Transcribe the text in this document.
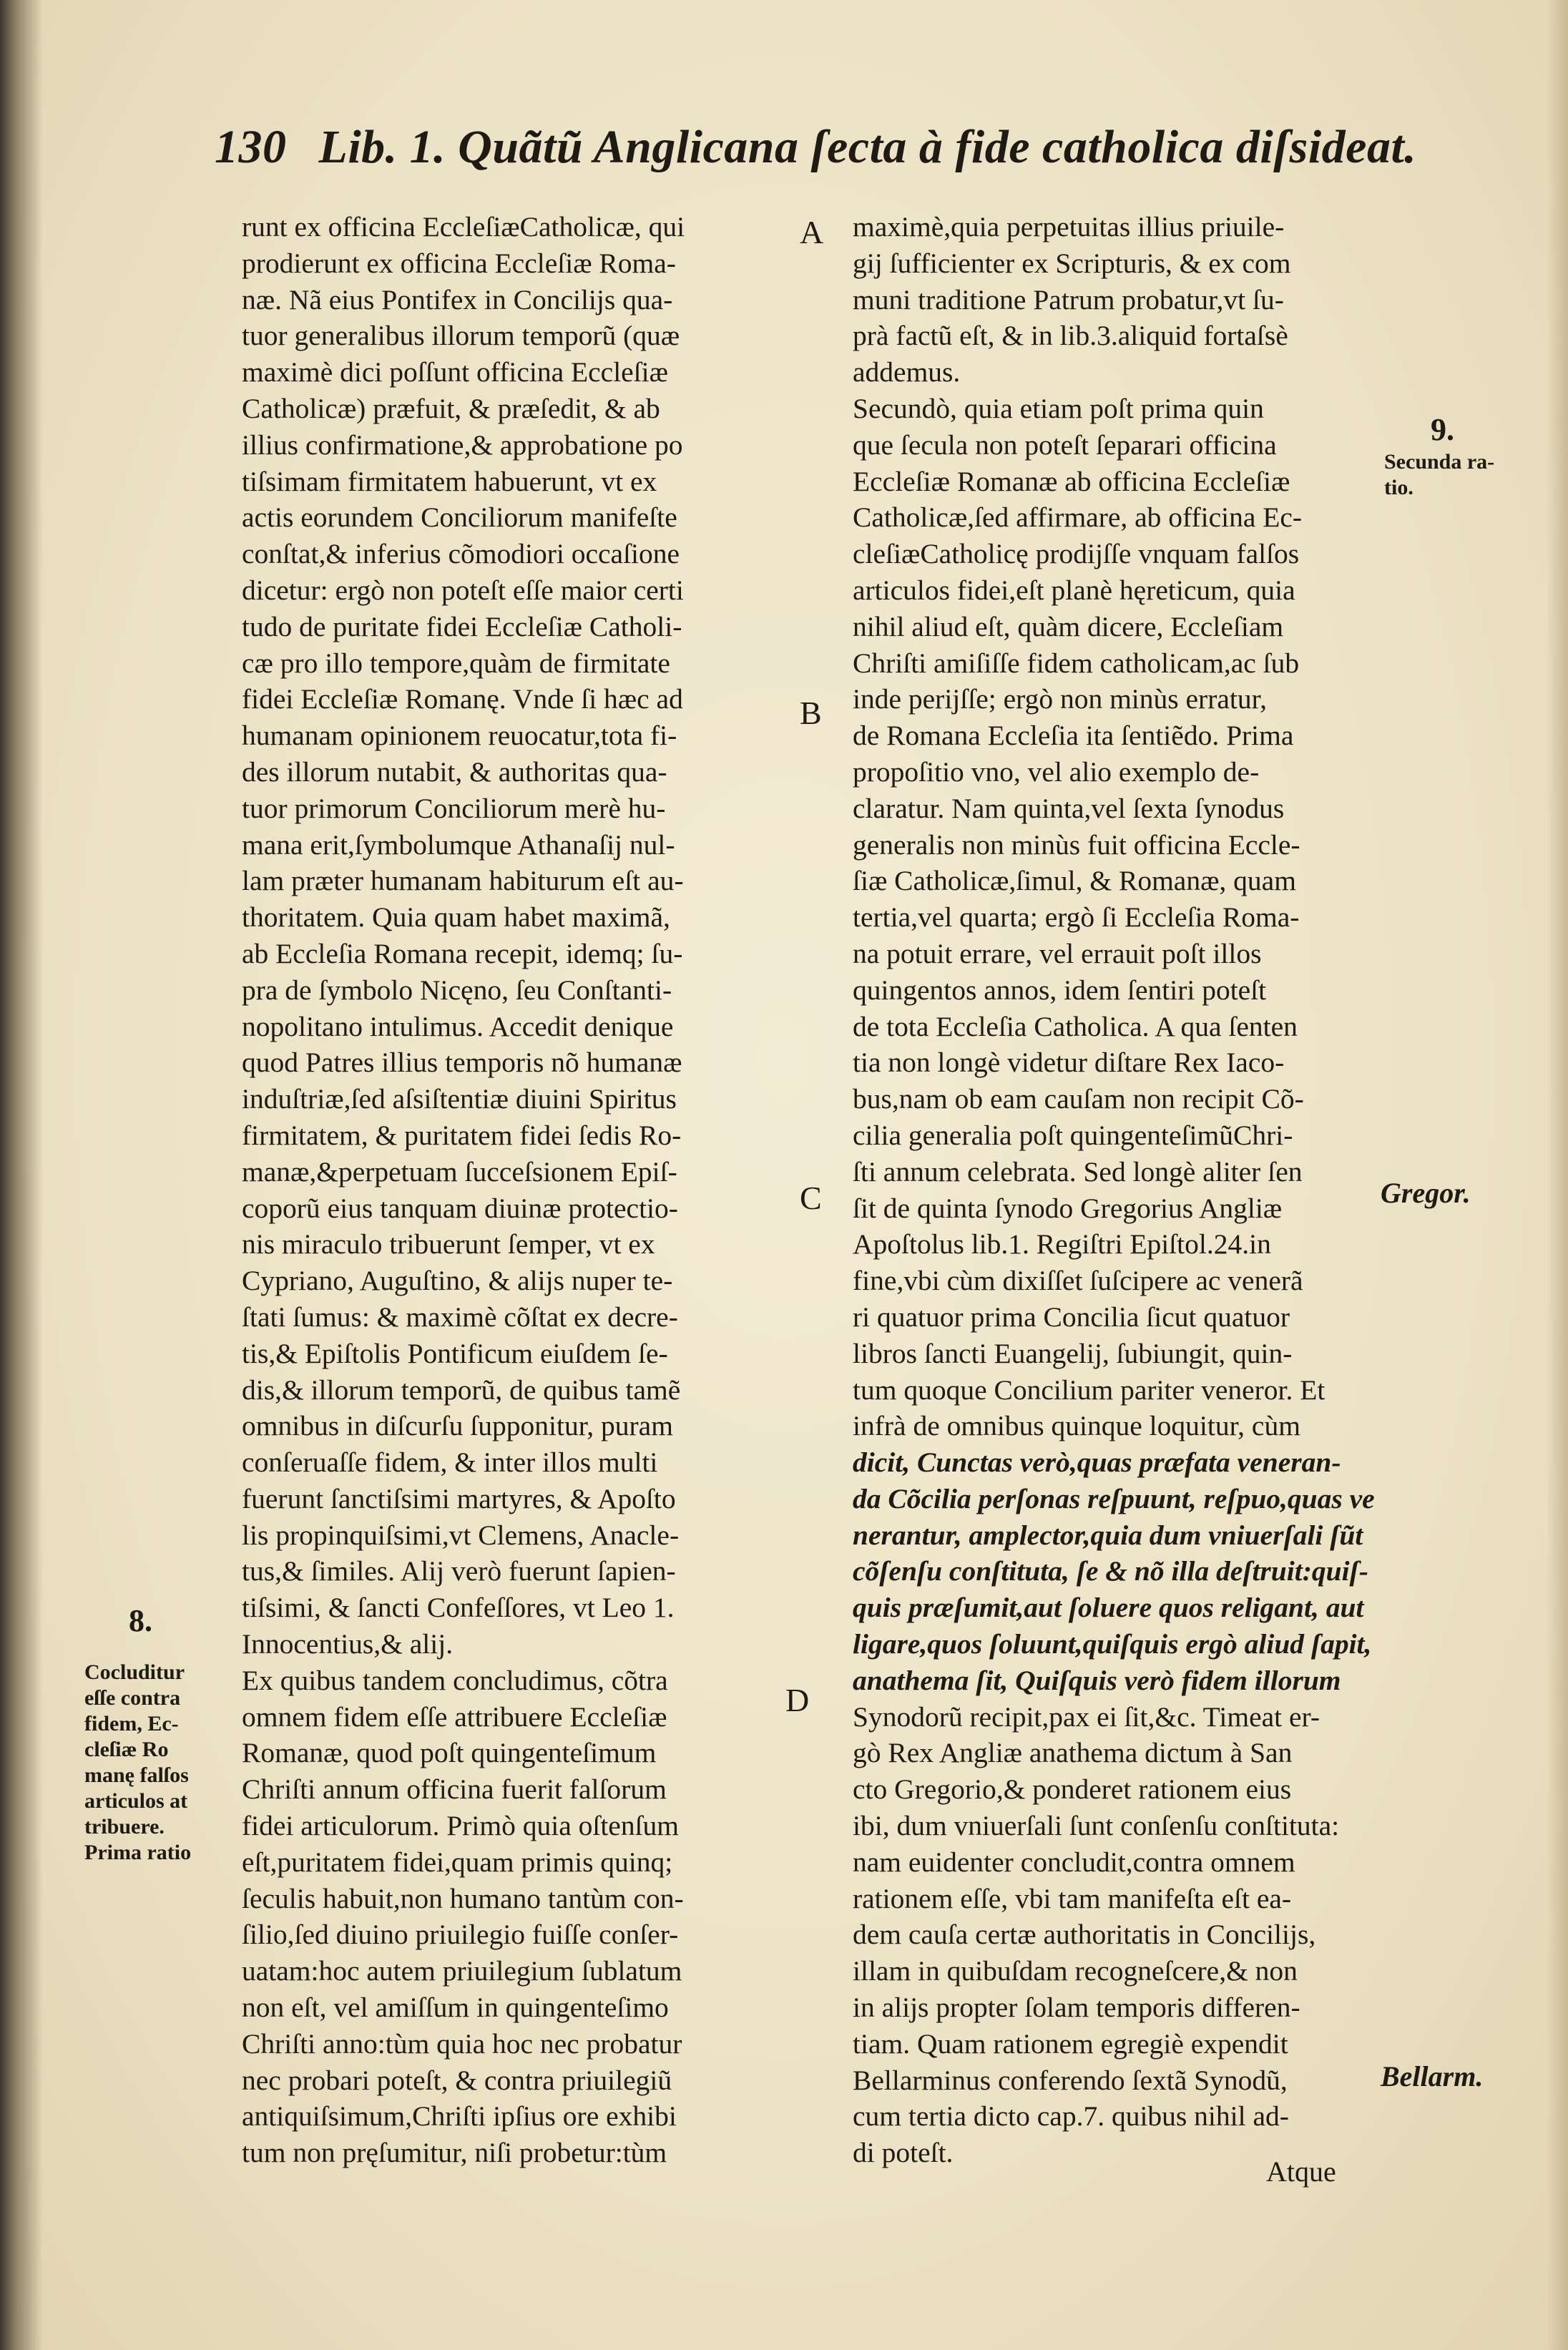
130 Lib. 1. Quãtũ Anglicana ſecta à fide catholica diſsideat.
runt ex officina EccleſiæCatholicæ, qui
prodierunt ex officina Eccleſiæ Roma-
næ. Nã eius Pontifex in Concilijs qua-
tuor generalibus illorum temporũ (quæ
maximè dici poſſunt officina Eccleſiæ
Catholicæ) præfuit, & præſedit, & ab
illius confirmatione,& approbatione po
tiſsimam firmitatem habuerunt, vt ex
actis eorundem Conciliorum manifeſte
conſtat,& inferius cõmodiori occaſione
dicetur: ergò non poteſt eſſe maior certi
tudo de puritate fidei Eccleſiæ Catholi-
cæ pro illo tempore,quàm de firmitate
fidei Eccleſiæ Romanę. Vnde ſi hæc ad
humanam opinionem reuocatur,tota fi-
des illorum nutabit, & authoritas qua-
tuor primorum Conciliorum merè hu-
mana erit,ſymbolumque Athanaſij nul-
lam præter humanam habiturum eſt au-
thoritatem. Quia quam habet maximã,
ab Eccleſia Romana recepit, idemq; ſu-
pra de ſymbolo Nicęno, ſeu Conſtanti-
nopolitano intulimus. Accedit denique
quod Patres illius temporis nõ humanæ
induſtriæ,ſed aſsiſtentiæ diuini Spiritus
firmitatem, & puritatem fidei ſedis Ro-
manæ,&perpetuam ſucceſsionem Epiſ-
coporũ eius tanquam diuinæ protectio-
nis miraculo tribuerunt ſemper, vt ex
Cypriano, Auguſtino, & alijs nuper te-
ſtati ſumus: & maximè cõſtat ex decre-
tis,& Epiſtolis Pontificum eiuſdem ſe-
dis,& illorum temporũ, de quibus tamẽ
omnibus in diſcurſu ſupponitur, puram
conſeruaſſe fidem, & inter illos multi
fuerunt ſanctiſsimi martyres, & Apoſto
lis propinquiſsimi,vt Clemens, Anacle-
tus,& ſimiles. Alij verò fuerunt ſapien-
tiſsimi, & ſancti Confeſſores, vt Leo 1.
Innocentius,& alij.
Ex quibus tandem concludimus, cõtra
omnem fidem eſſe attribuere Eccleſiæ
Romanæ, quod poſt quingenteſimum
Chriſti annum officina fuerit falſorum
fidei articulorum. Primò quia oſtenſum
eſt,puritatem fidei,quam primis quinq;
ſeculis habuit,non humano tantùm con-
ſilio,ſed diuino priuilegio fuiſſe conſer-
uatam:hoc autem priuilegium ſublatum
non eſt, vel amiſſum in quingenteſimo
Chriſti anno:tùm quia hoc nec probatur
nec probari poteſt, & contra priuilegiũ
antiquiſsimum,Chriſti ipſius ore exhibi
tum non pręſumitur, niſi probetur:tùm
maximè,quia perpetuitas illius priuile-
gij ſufficienter ex Scripturis, & ex com
muni traditione Patrum probatur,vt ſu-
prà factũ eſt, & in lib.3.aliquid fortaſsè
addemus.
Secundò, quia etiam poſt prima quin
que ſecula non poteſt ſeparari officina
Eccleſiæ Romanæ ab officina Eccleſiæ
Catholicæ,ſed affirmare, ab officina Ec-
cleſiæCatholicę prodijſſe vnquam falſos
articulos fidei,eſt planè hęreticum, quia
nihil aliud eſt, quàm dicere, Eccleſiam
Chriſti amiſiſſe fidem catholicam,ac ſub
inde perijſſe; ergò non minùs erratur,
de Romana Eccleſia ita ſentiẽdo. Prima
propoſitio vno, vel alio exemplo de-
claratur. Nam quinta,vel ſexta ſynodus
generalis non minùs fuit officina Eccle-
ſiæ Catholicæ,ſimul, & Romanæ, quam
tertia,vel quarta; ergò ſi Eccleſia Roma-
na potuit errare, vel errauit poſt illos
quingentos annos, idem ſentiri poteſt
de tota Eccleſia Catholica. A qua ſenten
tia non longè videtur diſtare Rex Iaco-
bus,nam ob eam cauſam non recipit Cõ-
cilia generalia poſt quingenteſimũChri-
ſti annum celebrata. Sed longè aliter ſen
ſit de quinta ſynodo Gregorius Angliæ
Apoſtolus lib.1. Regiſtri Epiſtol.24.in
fine,vbi cùm dixiſſet ſuſcipere ac venerã
ri quatuor prima Concilia ſicut quatuor
libros ſancti Euangelij, ſubiungit, quin-
tum quoque Concilium pariter veneror. Et
infrà de omnibus quinque loquitur, cùm
dicit, Cunctas verò,quas præfata veneran-
da Cõcilia perſonas reſpuunt, reſpuo,quas ve
nerantur, amplector,quia dum vniuerſali ſũt
cõſenſu conſtituta, ſe & nõ illa deſtruit:quiſ-
quis præſumit,aut ſoluere quos religant, aut
ligare,quos ſoluunt,quiſquis ergò aliud ſapit,
anathema ſit, Quiſquis verò fidem illorum
Synodorũ recipit,pax ei ſit,&c. Timeat er-
gò Rex Angliæ anathema dictum à San
cto Gregorio,& ponderet rationem eius
ibi, dum vniuerſali ſunt conſenſu conſtituta:
nam euidenter concludit,contra omnem
rationem eſſe, vbi tam manifeſta eſt ea-
dem cauſa certæ authoritatis in Concilijs,
illam in quibuſdam recogneſcere,& non
in alijs propter ſolam temporis differen-
tiam. Quam rationem egregiè expendit
Bellarminus conferendo ſextã Synodũ,
cum tertia dicto cap.7. quibus nihil ad-
di poteſt.
A
B
C
D
8.
Cocluditur
eſſe contra
fidem, Ec-
cleſiæ Ro
manę falſos
articulos at
tribuere.
Prima ratio
9.
Secunda ra-
tio.
Gregor.
Bellarm.
Atque
